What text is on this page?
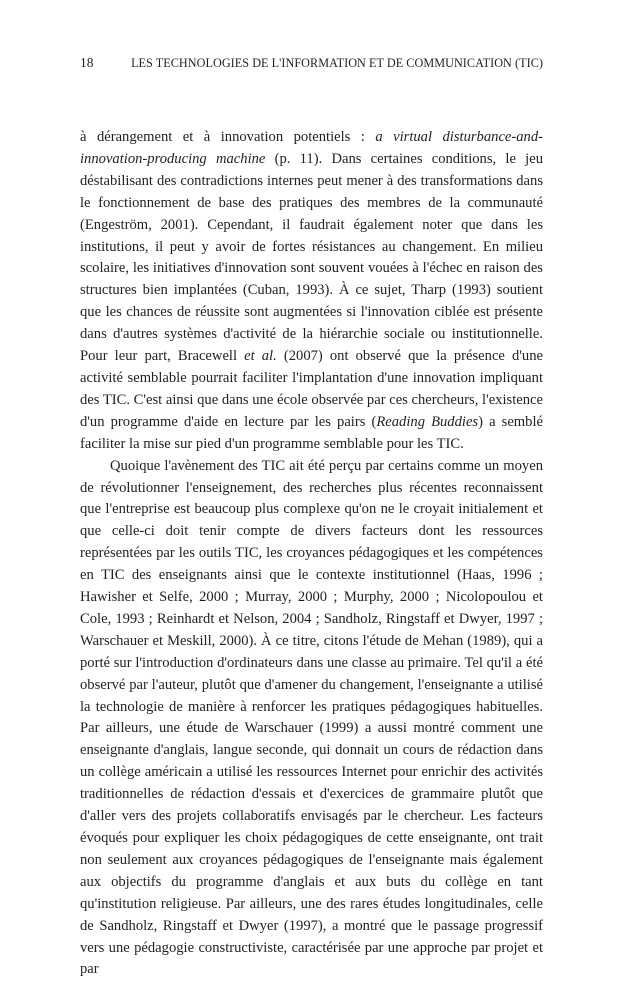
18	LES TECHNOLOGIES DE L'INFORMATION ET DE COMMUNICATION (TIC)

à dérangement et à innovation potentiels : a virtual disturbance-and-innovation-producing machine (p. 11). Dans certaines conditions, le jeu déstabilisant des contradictions internes peut mener à des transformations dans le fonctionnement de base des pratiques des membres de la communauté (Engeström, 2001). Cependant, il faudrait également noter que dans les institutions, il peut y avoir de fortes résistances au changement. En milieu scolaire, les initiatives d'innovation sont souvent vouées à l'échec en raison des structures bien implantées (Cuban, 1993). À ce sujet, Tharp (1993) soutient que les chances de réussite sont augmentées si l'innovation ciblée est présente dans d'autres systèmes d'activité de la hiérarchie sociale ou institutionnelle. Pour leur part, Bracewell et al. (2007) ont observé que la présence d'une activité semblable pourrait faciliter l'implantation d'une innovation impliquant des TIC. C'est ainsi que dans une école observée par ces chercheurs, l'existence d'un programme d'aide en lecture par les pairs (Reading Buddies) a semblé faciliter la mise sur pied d'un programme semblable pour les TIC.

Quoique l'avènement des TIC ait été perçu par certains comme un moyen de révolutionner l'enseignement, des recherches plus récentes reconnaissent que l'entreprise est beaucoup plus complexe qu'on ne le croyait initialement et que celle-ci doit tenir compte de divers facteurs dont les ressources représentées par les outils TIC, les croyances pédagogiques et les compétences en TIC des enseignants ainsi que le contexte institutionnel (Haas, 1996 ; Hawisher et Selfe, 2000 ; Murray, 2000 ; Murphy, 2000 ; Nicolopoulou et Cole, 1993 ; Reinhardt et Nelson, 2004 ; Sandholz, Ringstaff et Dwyer, 1997 ; Warschauer et Meskill, 2000). À ce titre, citons l'étude de Mehan (1989), qui a porté sur l'introduction d'ordinateurs dans une classe au primaire. Tel qu'il a été observé par l'auteur, plutôt que d'amener du changement, l'enseignante a utilisé la technologie de manière à renforcer les pratiques pédagogiques habituelles. Par ailleurs, une étude de Warschauer (1999) a aussi montré comment une enseignante d'anglais, langue seconde, qui donnait un cours de rédaction dans un collège américain a utilisé les ressources Internet pour enrichir des activités traditionnelles de rédaction d'essais et d'exercices de grammaire plutôt que d'aller vers des projets collaboratifs envisagés par le chercheur. Les facteurs évoqués pour expliquer les choix pédagogiques de cette enseignante, ont trait non seulement aux croyances pédagogiques de l'enseignante mais également aux objectifs du programme d'anglais et aux buts du collège en tant qu'institution religieuse. Par ailleurs, une des rares études longitudinales, celle de Sandholz, Ringstaff et Dwyer (1997), a montré que le passage progressif vers une pédagogie constructiviste, caractérisée par une approche par projet et par
